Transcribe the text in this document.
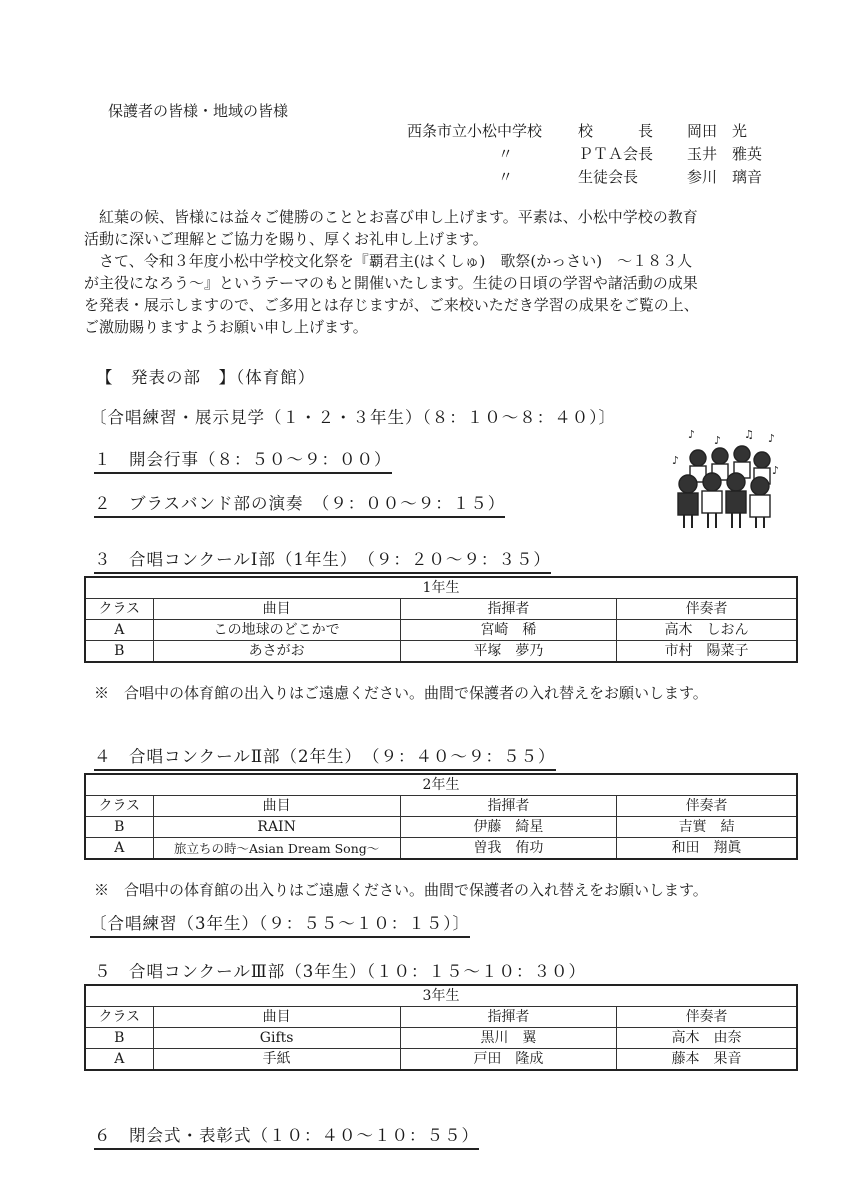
保護者の皆様・地域の皆様
西条市立小松中学校 校　　　長 岡田　光
〃	ＰＴＡ会長 玉井　雅英
〃	生徒会長	参川　璃音
　紅葉の候、皆様には益々ご健勝のこととお喜び申し上げます。平素は、小松中学校の教育
活動に深いご理解とご協力を賜り、厚くお礼申し上げます。
　さて、令和３年度小松中学校文化祭を『覇君主(はくしゅ)　歌祭(かっさい)　～１８３人
が主役になろう～』というテーマのもと開催いたします。生徒の日頃の学習や諸活動の成果
を発表・展示しますので、ご多用とは存じますが、ご来校いただき学習の成果をご覧の上、
ご激励賜りますようお願い申し上げます。
【　発表の部　】（体育館）
〔合唱練習・展示見学（１・２・３年生）（８：１０～８：４０）〕
１　開会行事（８：５０～９：００）
２　ブラスバンド部の演奏　（９：００～９：１５）
♪ ♪ ♫ ♪
♪
♪
３　合唱コンクールⅠ部（1年生）　（９：２０～９：３５）
1年生			
クラス	曲目	指揮者	伴奏者
A	この地球のどこかで	宮崎　稀	高木　しおん
B	あさがお	平塚　夢乃	市村　陽菜子
※　合唱中の体育館の出入りはご遠慮ください。曲間で保護者の入れ替えをお願いします。
４　合唱コンクールⅡ部（2年生）　（９：４０～９：５５）
2年生			
クラス	曲目	指揮者	伴奏者
B	RAIN	伊藤　綺星	吉實　結
A	旅立ちの時～Asian Dream Song～	曽我　侑功	和田　翔眞
※　合唱中の体育館の出入りはご遠慮ください。曲間で保護者の入れ替えをお願いします。
〔合唱練習（3年生）（９：５５～１０：１５）〕
５　合唱コンクールⅢ部（3年生）（１０：１５～１０：３０）
3年生			
クラス	曲目	指揮者	伴奏者
B	Gifts	黒川　翼	高木　由奈
A	手紙	戸田　隆成	藤本　果音
６　閉会式・表彰式（１０：４０～１０：５５）
